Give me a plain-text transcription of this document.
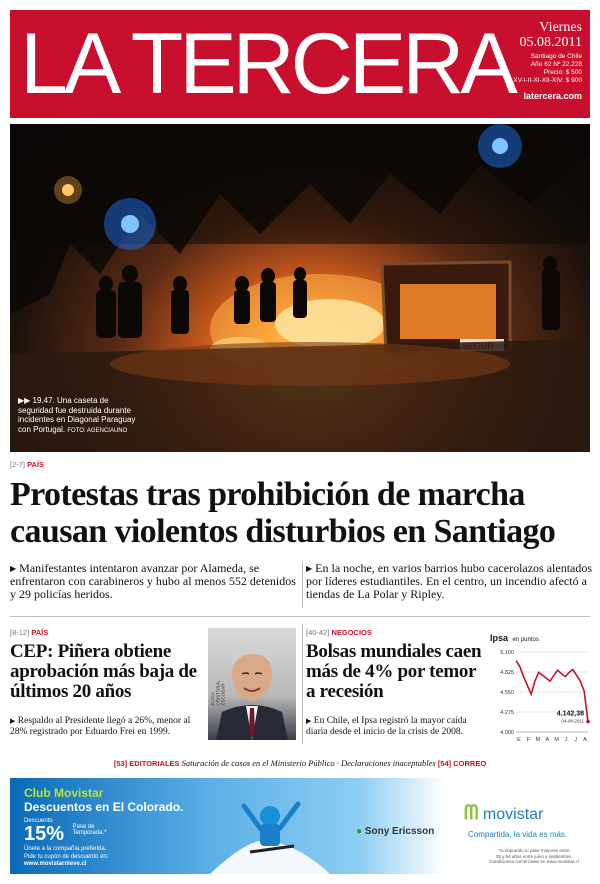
LA TERCERA	Viernes
05.08.2011
Santiago de Chile
Año 62 Nº 22.228
Precio: $ 500
XV-I-II-XI-XII-XIV: $ 900
latercera.com
▶▶ 19.47. Una caseta de seguridad fue destruida durante incidentes en Diagonal Paraguay con Portugal. FOTO: AGENCIAUNO
[2-7] PAÍS
Protestas tras prohibición de marcha
causan violentos disturbios en Santiago
▶ Manifestantes intentaron avanzar por Alameda, se enfrentaron con carabineros y hubo al menos 552 detenidos y 29 policías heridos.
▶ En la noche, en varios barrios hubo cacerolazos alentados por líderes estudiantiles. En el centro, un incendio afectó a tiendas de La Polar y Ripley.
[8-12] PAÍS
CEP: Piñera obtiene aprobación más baja de últimos 20 años
▶ Respaldo al Presidente llegó a 26%, menor al 28% registrado por Eduardo Frei en 1999.
FOTO: CRISTOBAL ESCOBAR
[40-42] NEGOCIOS
Bolsas mundiales caen más de 4% por temor a recesión
▶ En Chile, el Ipsa registró la mayor caída diaria desde el inicio de la crisis de 2008.
Ipsa en puntos
4.000
4.275
4.550
4.825
5.100
4.142,38
04-08-2011
E F M A M J J A
[53] EDITORIALES Saturación de casos en el Ministerio Público · Declaraciones inaceptables [54] CORREO
Club Movistar
Descuentos en El Colorado.
Descuento
15% Pase de Temporada.*
Únete a la compañía preferida.
Pide tu cupón de descuento en:
www.movistarnieve.cl
● Sony Ericsson
ᗰ movistar
Compartida, la vida es más.
*Comprando tu pase mayores entre
25 y 64 años entre junio y septiembre.
Condiciones comerciales en www.movistar.cl
